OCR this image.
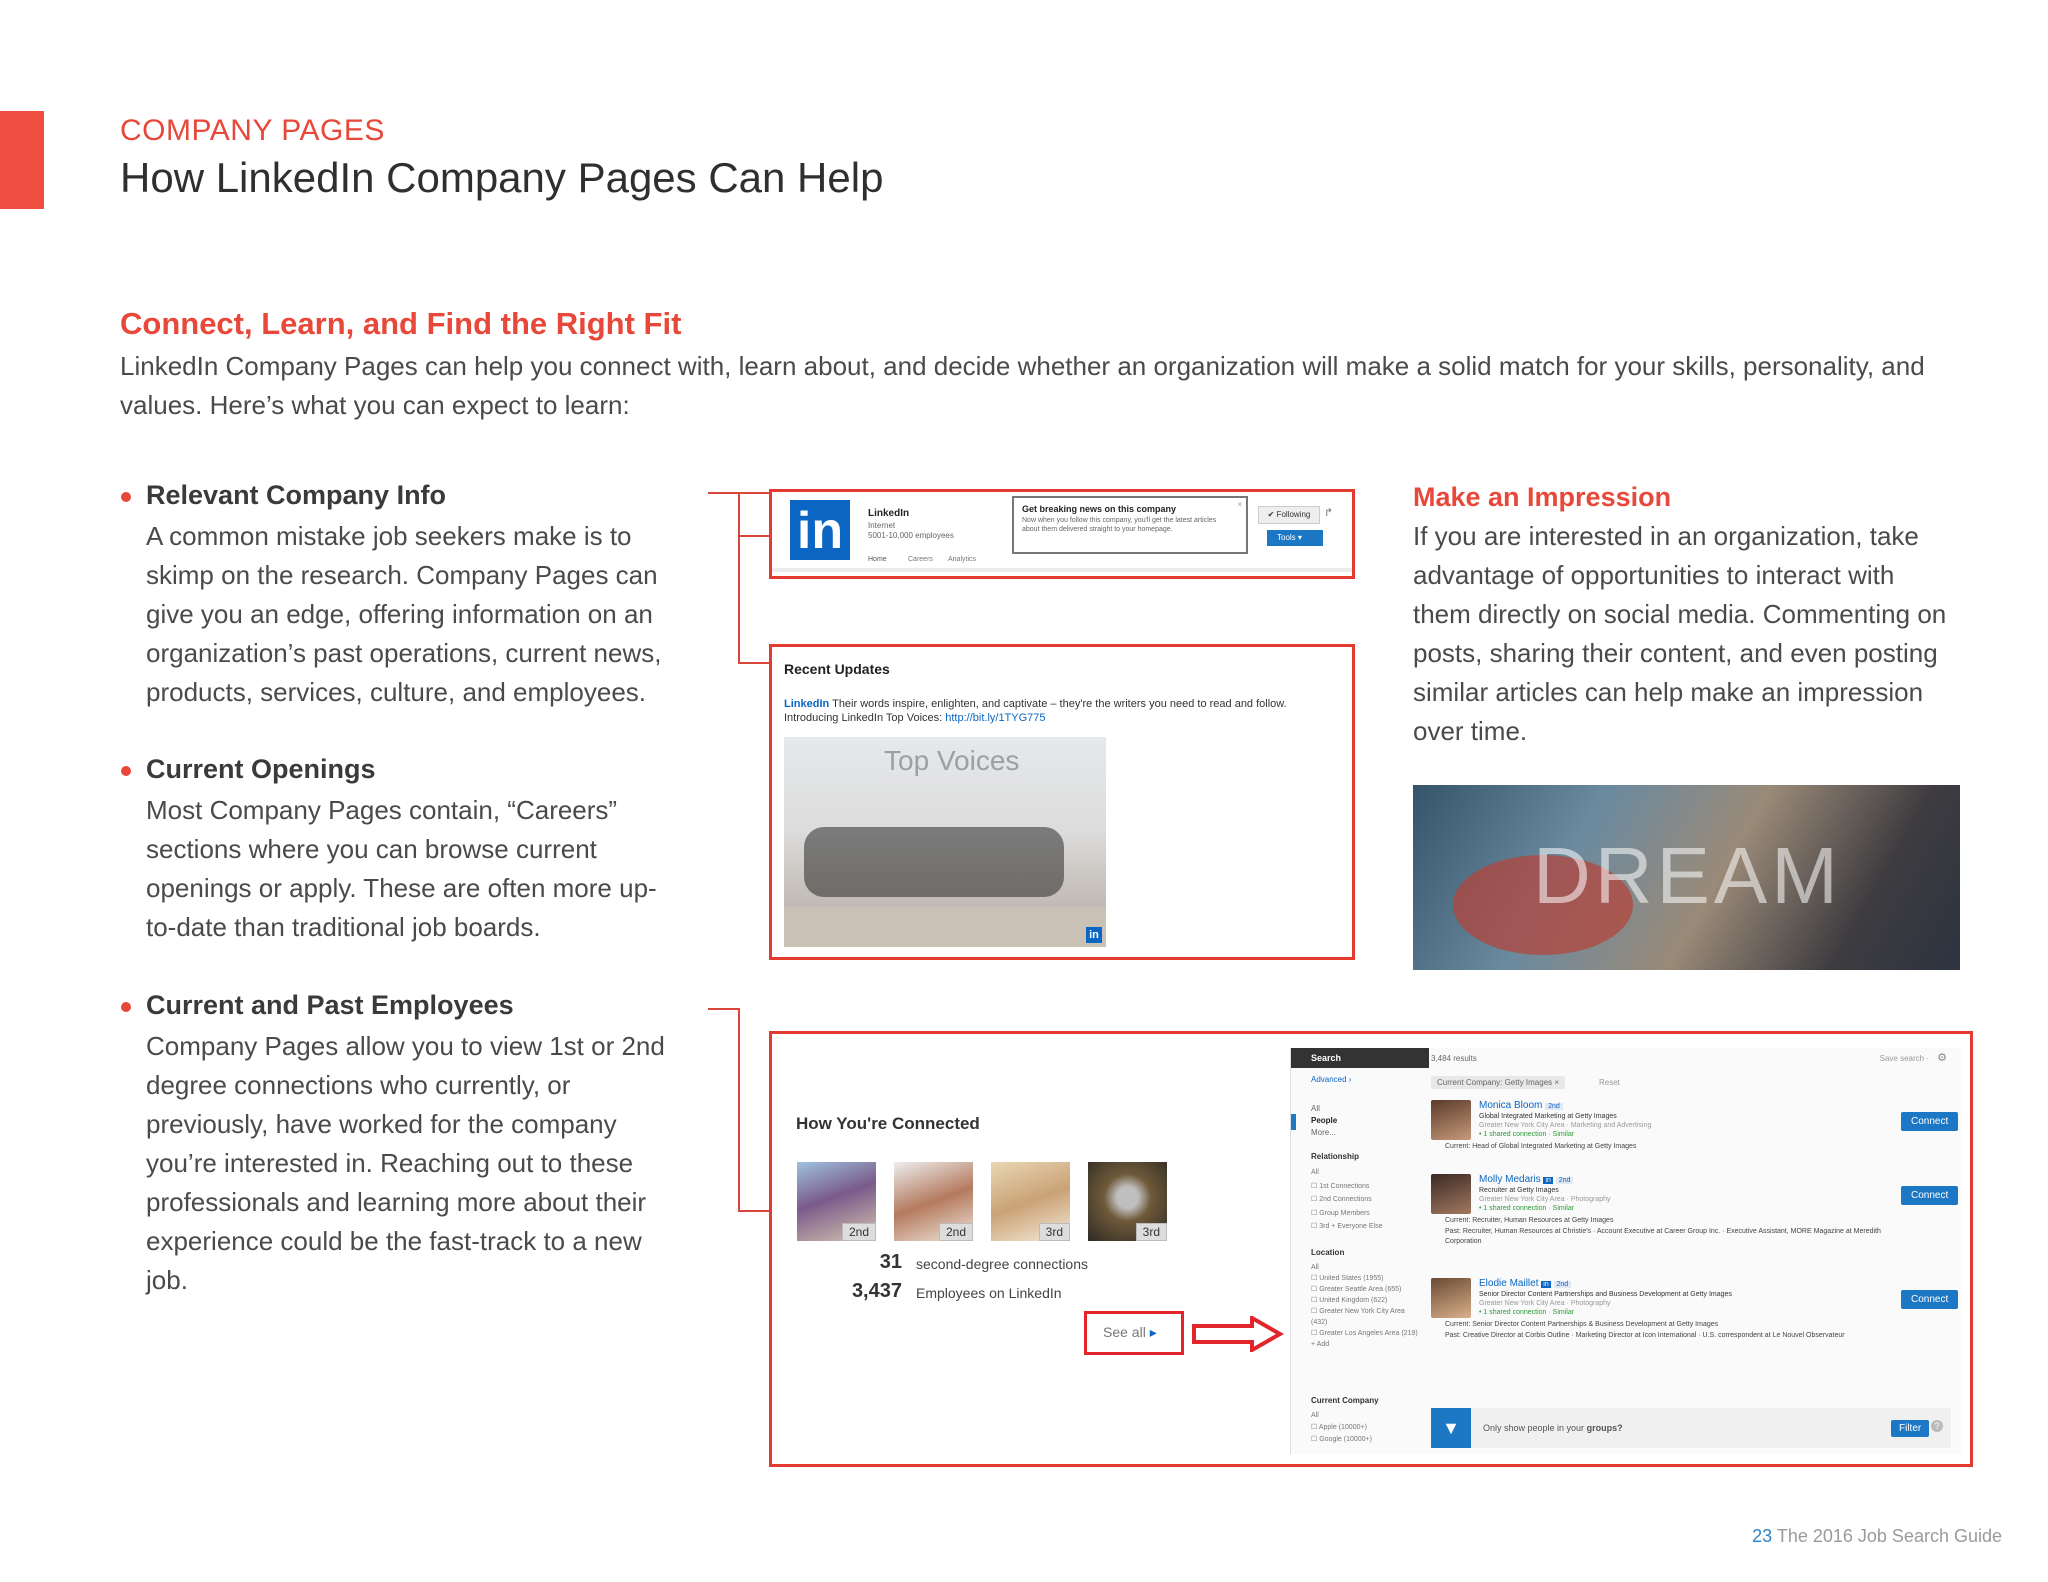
COMPANY PAGES
How LinkedIn Company Pages Can Help
Connect, Learn, and Find the Right Fit
LinkedIn Company Pages can help you connect with, learn about, and decide whether an organization will make a solid match for your skills, personality, and values. Here’s what you can expect to learn:
Relevant Company Info
A common mistake job seekers make is to skimp on the research. Company Pages can give you an edge, offering information on an organization’s past operations, current news, products, services, culture, and employees.
Current Openings
Most Company Pages contain, “Careers” sections where you can browse current openings or apply. These are often more up-to-date than traditional job boards.
Current and Past Employees
Company Pages allow you to view 1st or 2nd degree connections who currently, or previously, have worked for the company you’re interested in. Reaching out to these professionals and learning more about their experience could be the fast-track to a new job.
in	LinkedIn
Internet
5001-10,000 employees
Get breaking news on this company
Now when you follow this company, you'll get the latest articles about them delivered straight to your homepage.
×
✔ Following	↱
Tools ▾
Home	Careers Analytics
Recent Updates
LinkedIn Their words inspire, enlighten, and captivate – they're the writers you need to read and follow.
Introducing LinkedIn Top Voices: http://bit.ly/1TYG775
Top Voices
in
How You're Connected
2nd	2nd	3rd	3rd
31 second-degree connections
3,437 Employees on LinkedIn
See all ▸
Search
Advanced ›
3,484 results	Save search · ⚙
Current Company: Getty Images ×	Reset
All
People
More...
Relationship
All
☐ 1st Connections
☐ 2nd Connections
☐ Group Members
☐ 3rd + Everyone Else
Location
All
☐ United States (1955)
☐ Greater Seattle Area (655)
☐ United Kingdom (622)
☐ Greater New York City Area (432)
☐ Greater Los Angeles Area (219)
+ Add
Current Company
All
☐ Apple (10000+)
☐ Google (10000+)
Monica Bloom 2nd
Global Integrated Marketing at Getty Images
Greater New York City Area · Marketing and Advertising
• 1 shared connection · Similar
Current: Head of Global Integrated Marketing at Getty Images
Connect
Molly Medaris in 2nd
Recruiter at Getty Images
Greater New York City Area · Photography
• 1 shared connection · Similar
Current: Recruiter, Human Resources at Getty Images
Past: Recruiter, Human Resources at Christie's · Account Executive at Career Group Inc. · Executive Assistant, MORE Magazine at Meredith Corporation
Connect
Elodie Maillet in 2nd
Senior Director Content Partnerships and Business Development at Getty Images
Greater New York City Area · Photography
• 1 shared connection · Similar
Current: Senior Director Content Partnerships & Business Development at Getty Images
Past: Creative Director at Corbis Outline · Marketing Director at Icon International · U.S. correspondent at Le Nouvel Observateur
Connect
▼	Only show people in your groups?	Filter	?
Make an Impression
If you are interested in an organization, take advantage of opportunities to interact with them directly on social media. Commenting on posts, sharing their content, and even posting similar articles can help make an impression over time.
DREAM
23 The 2016 Job Search Guide
